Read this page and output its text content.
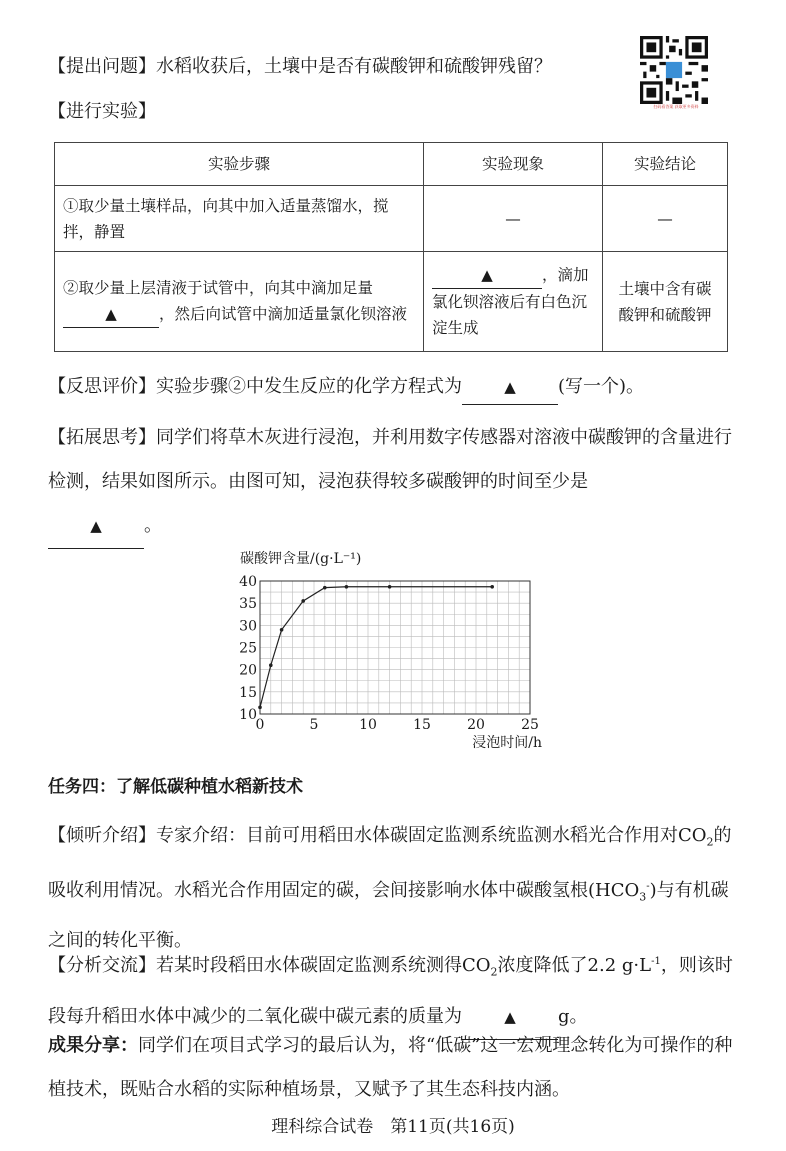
【提出问题】水稻收获后，土壤中是否有碳酸钾和硫酸钾残留？
扫码看答案 获取更多资料
【进行实验】
实验步骤	实验现象	实验结论
①取少量土壤样品，向其中加入适量蒸馏水，搅拌，静置	—	—
②取少量上层清液于试管中，向其中滴加足量▲ ，然后向试管中滴加适量氯化钡溶液	▲ ，滴加氯化钡溶液后有白色沉淀生成	土壤中含有碳酸钾和硫酸钾
【反思评价】实验步骤②中发生反应的化学方程式为	▲ (写一个)。
【拓展思考】同学们将草木灰进行浸泡，并利用数字传感器对溶液中碳酸钾的含量进行检测，结果如图所示。由图可知，浸泡获得较多碳酸钾的时间至少是
▲ 。
10
15
20
25
30
35
40
0	5	10	15	20	25
碳酸钾含量/(g·L⁻¹)
浸泡时间/h
任务四：了解低碳种植水稻新技术
【倾听介绍】专家介绍：目前可用稻田水体碳固定监测系统监测水稻光合作用对$CO_2$的吸收利用情况。水稻光合作用固定的碳，会间接影响水体中碳酸氢根$(HCO_3^-)$与有机碳之间的转化平衡。
【分析交流】若某时段稻田水体碳固定监测系统测得$CO_2$浓度降低了2.2 $g\cdot L^{-1}$，则该时段每升稻田水体中减少的二氧化碳中碳元素的质量为	▲ g。
成果分享：同学们在项目式学习的最后认为，将“低碳”这一宏观理念转化为可操作的种植技术，既贴合水稻的实际种植场景，又赋予了其生态科技内涵。
理科综合试卷　第11页(共16页)
